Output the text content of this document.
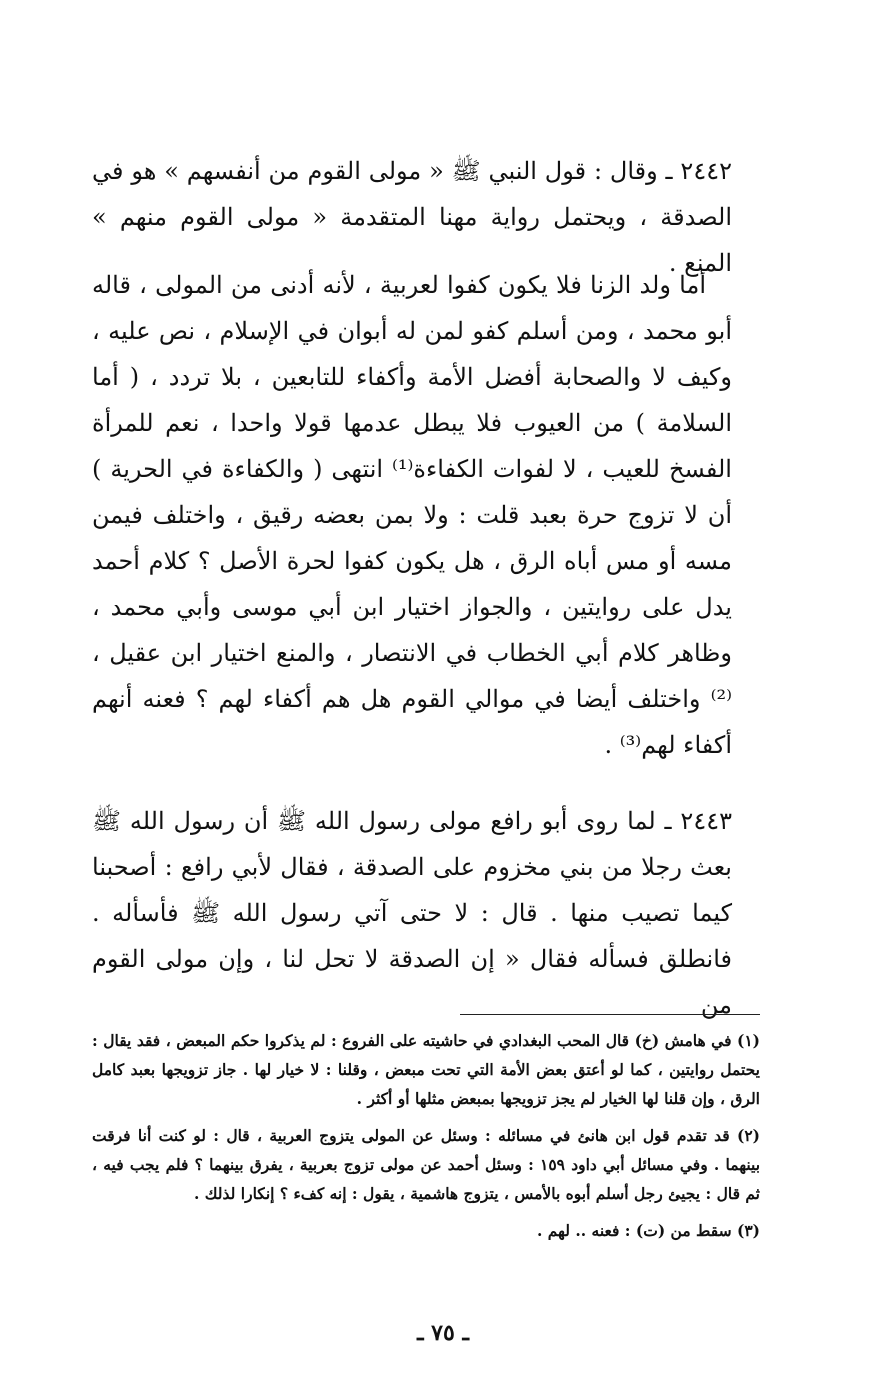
٢٤٤٢ ـ وقال : قول النبي ﷺ « مولى القوم من أنفسهم » هو في الصدقة ، ويحتمل رواية مهنا المتقدمة « مولى القوم منهم » المنع .
أما ولد الزنا فلا يكون كفوا لعربية ، لأنه أدنى من المولى ، قاله أبو محمد ، ومن أسلم كفو لمن له أبوان في الإسلام ، نص عليه ، وكيف لا والصحابة أفضل الأمة وأكفاء للتابعين ، بلا تردد ، ( أما السلامة ) من العيوب فلا يبطل عدمها قولا واحدا ، نعم للمرأة الفسخ للعيب ، لا لفوات الكفاءة⁽¹⁾ انتهى ( والكفاءة في الحرية ) أن لا تزوج حرة بعبد قلت : ولا بمن بعضه رقيق ، واختلف فيمن مسه أو مس أباه الرق ، هل يكون كفوا لحرة الأصل ؟ كلام أحمد يدل على روايتين ، والجواز اختيار ابن أبي موسى وأبي محمد ، وظاهر كلام أبي الخطاب في الانتصار ، والمنع اختيار ابن عقيل ،⁽²⁾ واختلف أيضا في موالي القوم هل هم أكفاء لهم ؟ فعنه أنهم أكفاء لهم⁽³⁾ .
٢٤٤٣ ـ لما روى أبو رافع مولى رسول الله ﷺ أن رسول الله ﷺ بعث رجلا من بني مخزوم على الصدقة ، فقال لأبي رافع : أصحبنا كيما تصيب منها . قال : لا حتى آتي رسول الله ﷺ فأسأله . فانطلق فسأله فقال « إن الصدقة لا تحل لنا ، وإن مولى القوم من

(١) في هامش (خ) قال المحب البغدادي في حاشيته على الفروع : لم يذكروا حكم المبعض ، فقد يقال : يحتمل روايتين ، كما لو أعتق بعض الأمة التي تحت مبعض ، وقلنا : لا خيار لها . جاز تزويجها بعبد كامل الرق ، وإن قلنا لها الخيار لم يجز تزويجها بمبعض مثلها أو أكثر .

(٢) قد تقدم قول ابن هانئ في مسائله : وسئل عن المولى يتزوج العربية ، قال : لو كنت أنا فرقت بينهما . وفي مسائل أبي داود ١٥٩ : وسئل أحمد عن مولى تزوج بعربية ، يفرق بينهما ؟ فلم يجب فيه ، ثم قال : يجيئ رجل أسلم أبوه بالأمس ، يتزوج هاشمية ، يقول : إنه كفء ؟ إنكارا لذلك .

(٣) سقط من (ت) : فعنه .. لهم .

ـ ٧٥ ـ
